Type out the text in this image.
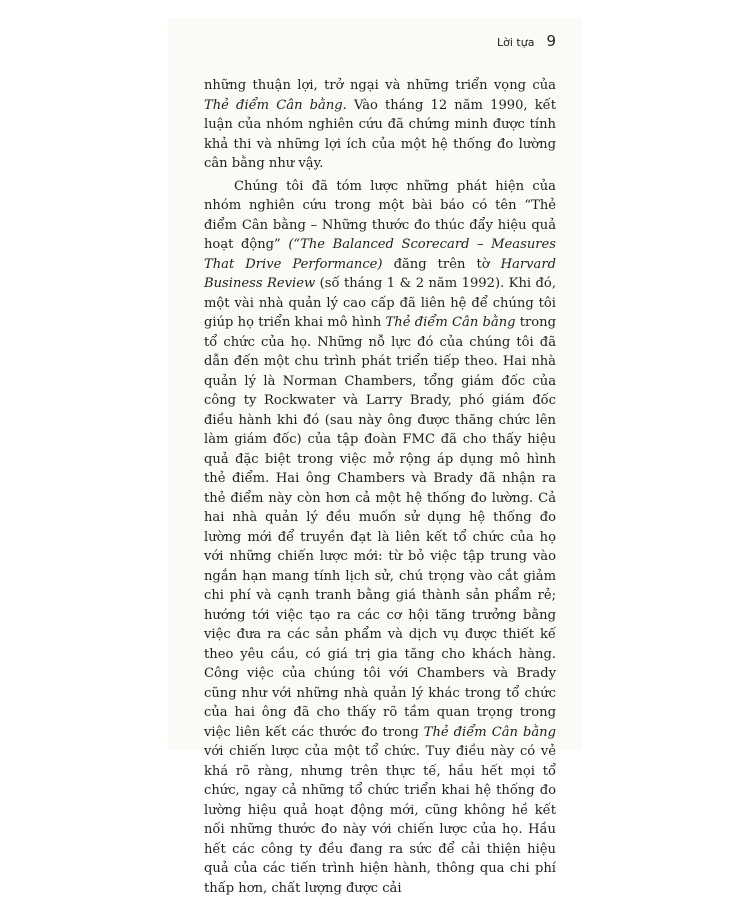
Lời tựa 9

những thuận lợi, trở ngại và những triển vọng của Thẻ điểm Cân bằng. Vào tháng 12 năm 1990, kết luận của nhóm nghiên cứu đã chứng minh được tính khả thi và những lợi ích của một hệ thống đo lường cân bằng như vậy.

Chúng tôi đã tóm lược những phát hiện của nhóm nghiên cứu trong một bài báo có tên “Thẻ điểm Cân bằng – Những thước đo thúc đẩy hiệu quả hoạt động” (“The Balanced Scorecard – Measures That Drive Performance) đăng trên tờ Harvard Business Review (số tháng 1 & 2 năm 1992). Khi đó, một vài nhà quản lý cao cấp đã liên hệ để chúng tôi giúp họ triển khai mô hình Thẻ điểm Cân bằng trong tổ chức của họ. Những nỗ lực đó của chúng tôi đã dẫn đến một chu trình phát triển tiếp theo. Hai nhà quản lý là Norman Chambers, tổng giám đốc của công ty Rockwater và Larry Brady, phó giám đốc điều hành khi đó (sau này ông được thăng chức lên làm giám đốc) của tập đoàn FMC đã cho thấy hiệu quả đặc biệt trong việc mở rộng áp dụng mô hình thẻ điểm. Hai ông Chambers và Brady đã nhận ra thẻ điểm này còn hơn cả một hệ thống đo lường. Cả hai nhà quản lý đều muốn sử dụng hệ thống đo lường mới để truyền đạt là liên kết tổ chức của họ với những chiến lược mới: từ bỏ việc tập trung vào ngắn hạn mang tính lịch sử, chú trọng vào cắt giảm chi phí và cạnh tranh bằng giá thành sản phẩm rẻ; hướng tới việc tạo ra các cơ hội tăng trưởng bằng việc đưa ra các sản phẩm và dịch vụ được thiết kế theo yêu cầu, có giá trị gia tăng cho khách hàng. Công việc của chúng tôi với Chambers và Brady cũng như với những nhà quản lý khác trong tổ chức của hai ông đã cho thấy rõ tầm quan trọng trong việc liên kết các thước đo trong Thẻ điểm Cân bằng với chiến lược của một tổ chức. Tuy điều này có vẻ khá rõ ràng, nhưng trên thực tế, hầu hết mọi tổ chức, ngay cả những tổ chức triển khai hệ thống đo lường hiệu quả hoạt động mới, cũng không hề kết nối những thước đo này với chiến lược của họ. Hầu hết các công ty đều đang ra sức để cải thiện hiệu quả của các tiến trình hiện hành, thông qua chi phí thấp hơn, chất lượng được cải
